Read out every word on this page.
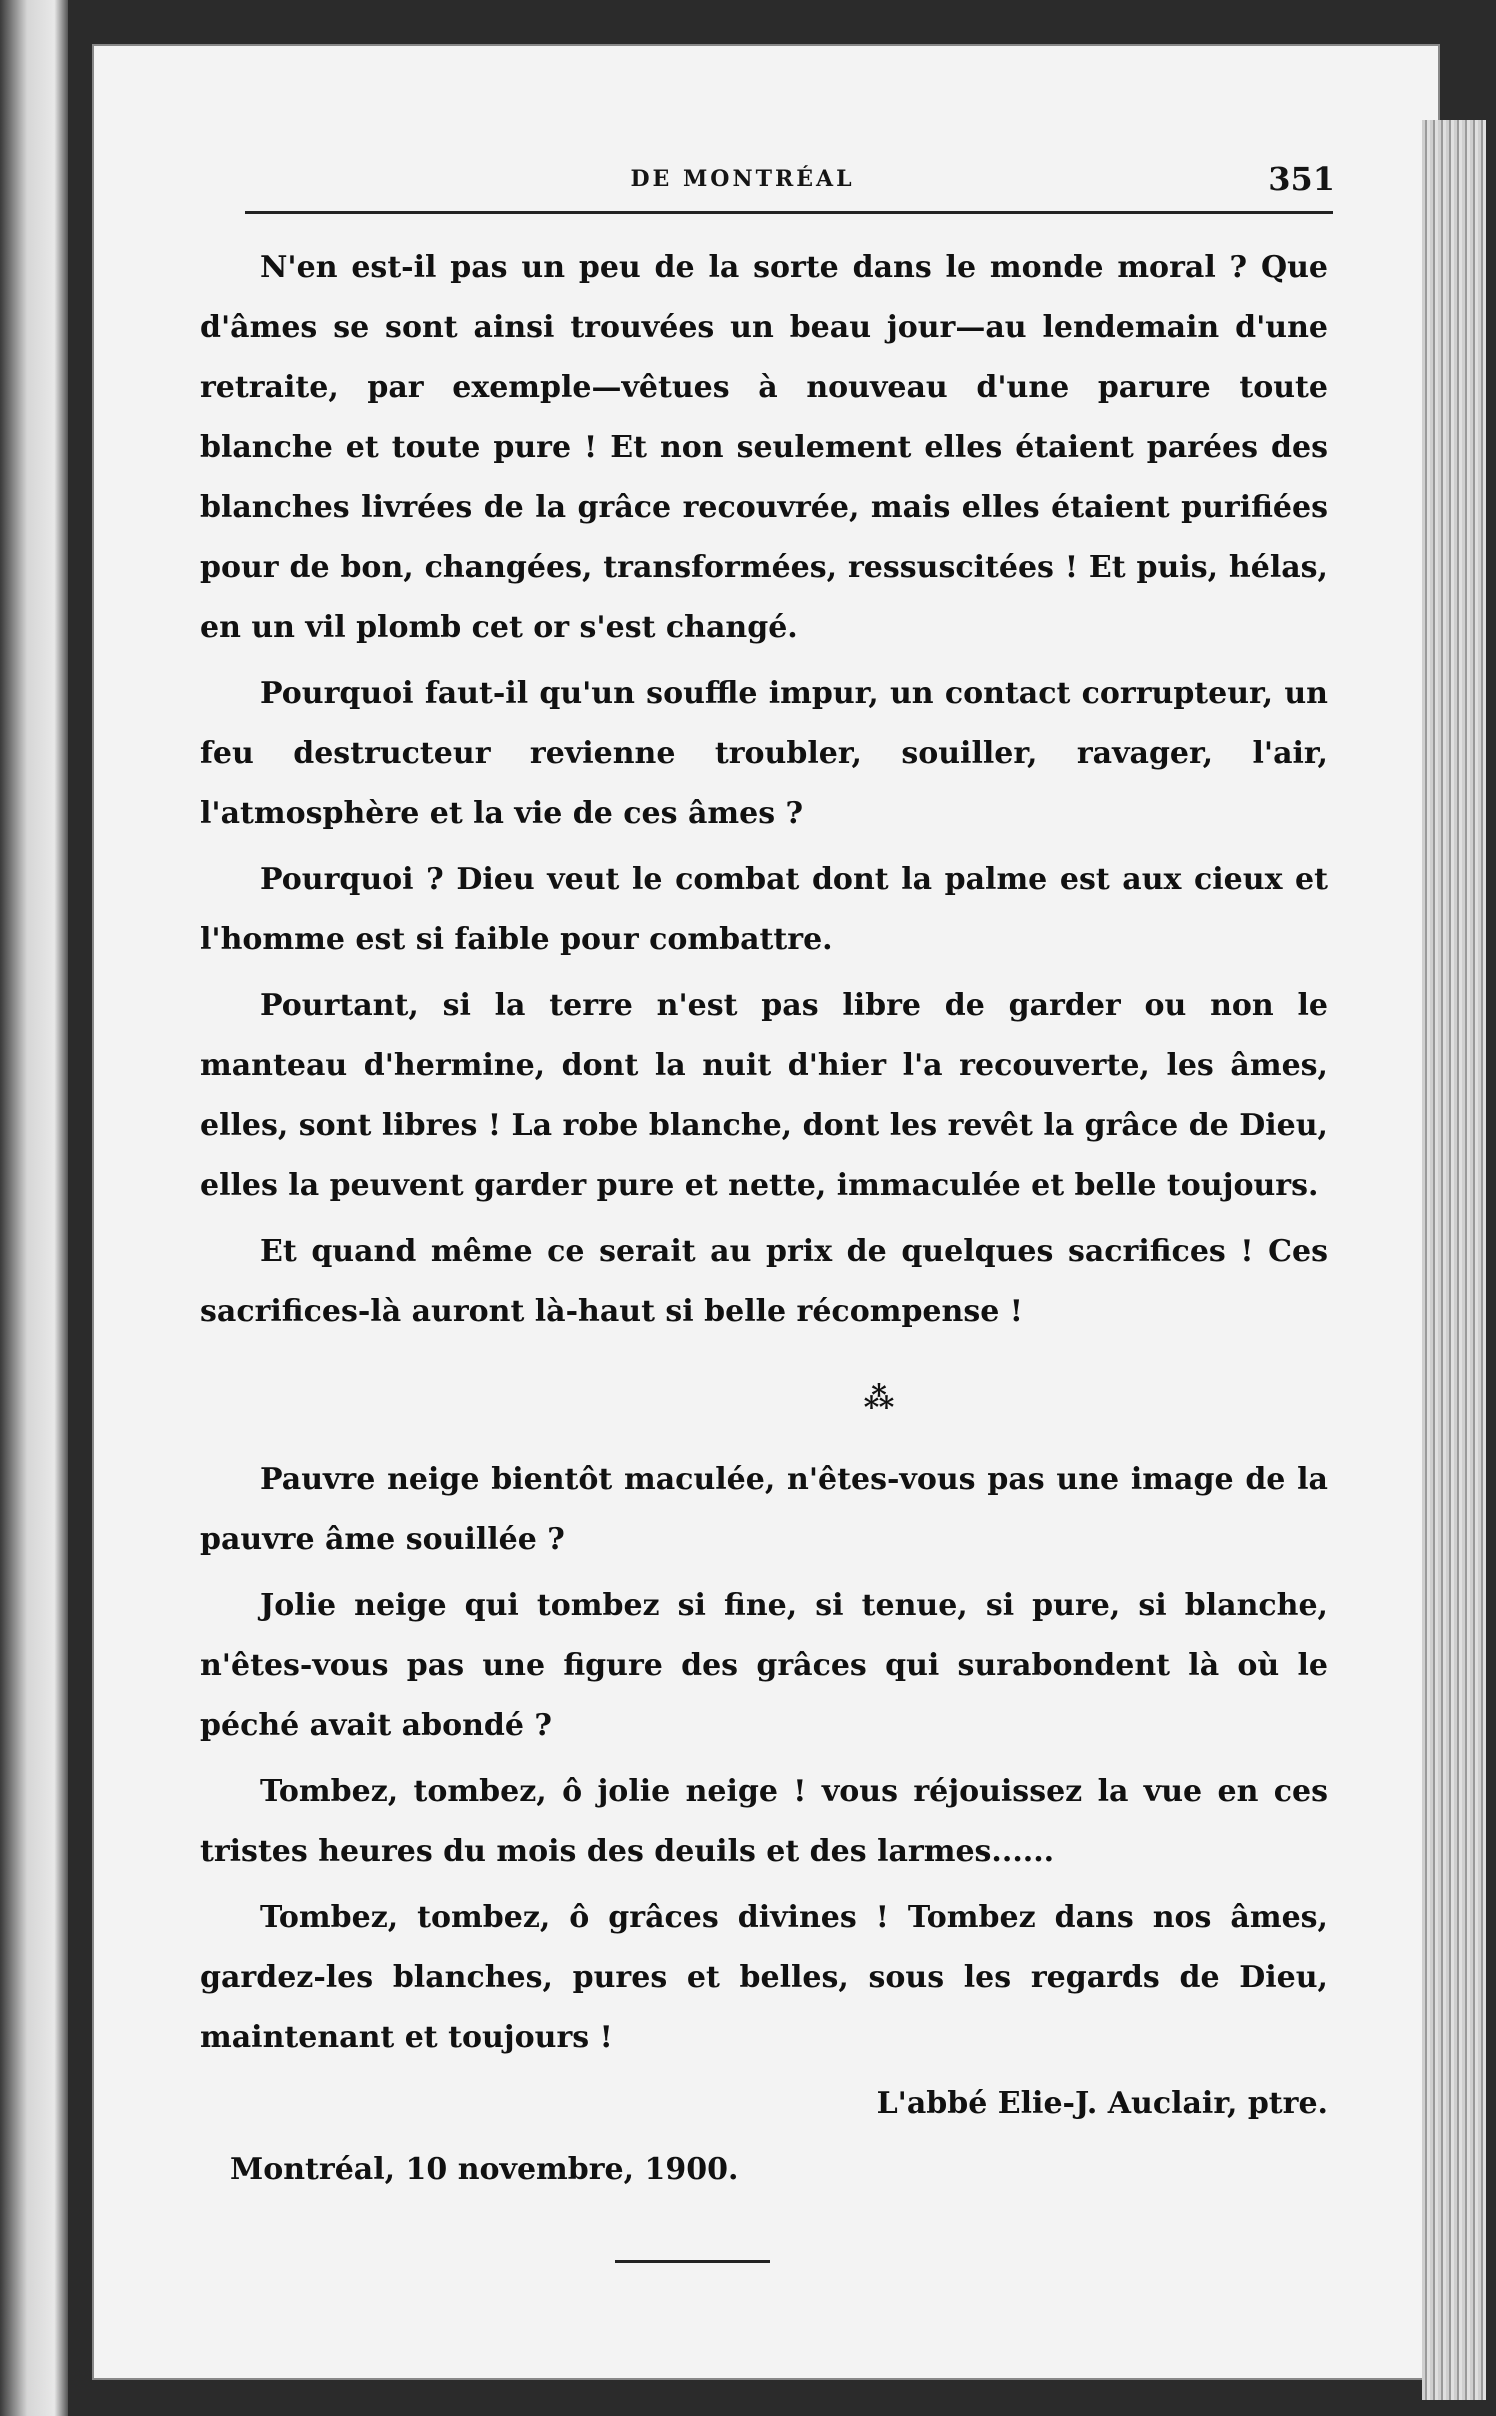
DE MONTRÉAL	351

N'en est-il pas un peu de la sorte dans le monde moral ? Que d'âmes se sont ainsi trouvées un beau jour—au lendemain d'une retraite, par exemple—vêtues à nouveau d'une parure toute blanche et toute pure ! Et non seulement elles étaient parées des blanches livrées de la grâce recouvrée, mais elles étaient purifiées pour de bon, changées, transformées, ressuscitées ! Et puis, hélas, en un vil plomb cet or s'est changé.

Pourquoi faut-il qu'un souffle impur, un contact corrupteur, un feu destructeur revienne troubler, souiller, ravager, l'air, l'atmosphère et la vie de ces âmes ?

Pourquoi ? Dieu veut le combat dont la palme est aux cieux et l'homme est si faible pour combattre.

Pourtant, si la terre n'est pas libre de garder ou non le manteau d'hermine, dont la nuit d'hier l'a recouverte, les âmes, elles, sont libres ! La robe blanche, dont les revêt la grâce de Dieu, elles la peuvent garder pure et nette, immaculée et belle toujours.

Et quand même ce serait au prix de quelques sacrifices ! Ces sacrifices-là auront là-haut si belle récompense !

⁂

Pauvre neige bientôt maculée, n'êtes-vous pas une image de la pauvre âme souillée ?

Jolie neige qui tombez si fine, si tenue, si pure, si blanche, n'êtes-vous pas une figure des grâces qui surabondent là où le péché avait abondé ?

Tombez, tombez, ô jolie neige ! vous réjouissez la vue en ces tristes heures du mois des deuils et des larmes......

Tombez, tombez, ô grâces divines ! Tombez dans nos âmes, gardez-les blanches, pures et belles, sous les regards de Dieu, maintenant et toujours !

L'abbé Elie-J. Auclair, ptre.

Montréal, 10 novembre, 1900.
